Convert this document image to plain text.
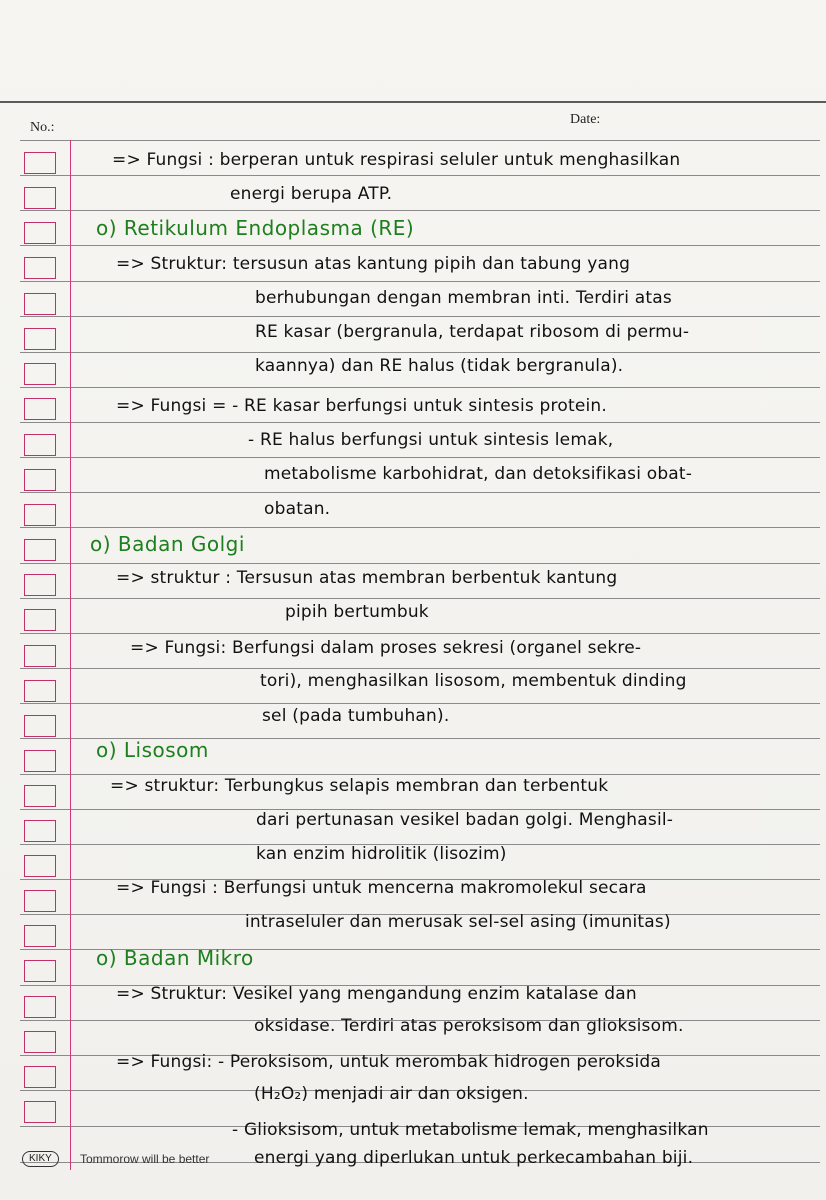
No.:
Date:
=> Fungsi : berperan untuk respirasi seluler untuk menghasilkan
energi berupa ATP.
o) Retikulum Endoplasma (RE)
=> Struktur: tersusun atas kantung pipih dan tabung yang
berhubungan dengan membran inti. Terdiri atas
RE kasar (bergranula, terdapat ribosom di permu-
kaannya) dan RE halus (tidak bergranula).
=> Fungsi = - RE kasar berfungsi untuk sintesis protein.
- RE halus berfungsi untuk sintesis lemak,
metabolisme karbohidrat, dan detoksifikasi obat-
obatan.
o) Badan Golgi
=> struktur : Tersusun atas membran berbentuk kantung
pipih bertumbuk
=> Fungsi: Berfungsi dalam proses sekresi (organel sekre-
tori), menghasilkan lisosom, membentuk dinding
sel (pada tumbuhan).
o) Lisosom
=> struktur: Terbungkus selapis membran dan terbentuk
dari pertunasan vesikel badan golgi. Menghasil-
kan enzim hidrolitik (lisozim)
=> Fungsi : Berfungsi untuk mencerna makromolekul secara
intraseluler dan merusak sel-sel asing (imunitas)
o) Badan Mikro
=> Struktur: Vesikel yang mengandung enzim katalase dan
oksidase. Terdiri atas peroksisom dan glioksisom.
=> Fungsi: - Peroksisom, untuk merombak hidrogen peroksida
(H₂O₂) menjadi air dan oksigen.
- Glioksisom, untuk metabolisme lemak, menghasilkan
energi yang diperlukan untuk perkecambahan biji.
KIKY	Tommorow will be better
